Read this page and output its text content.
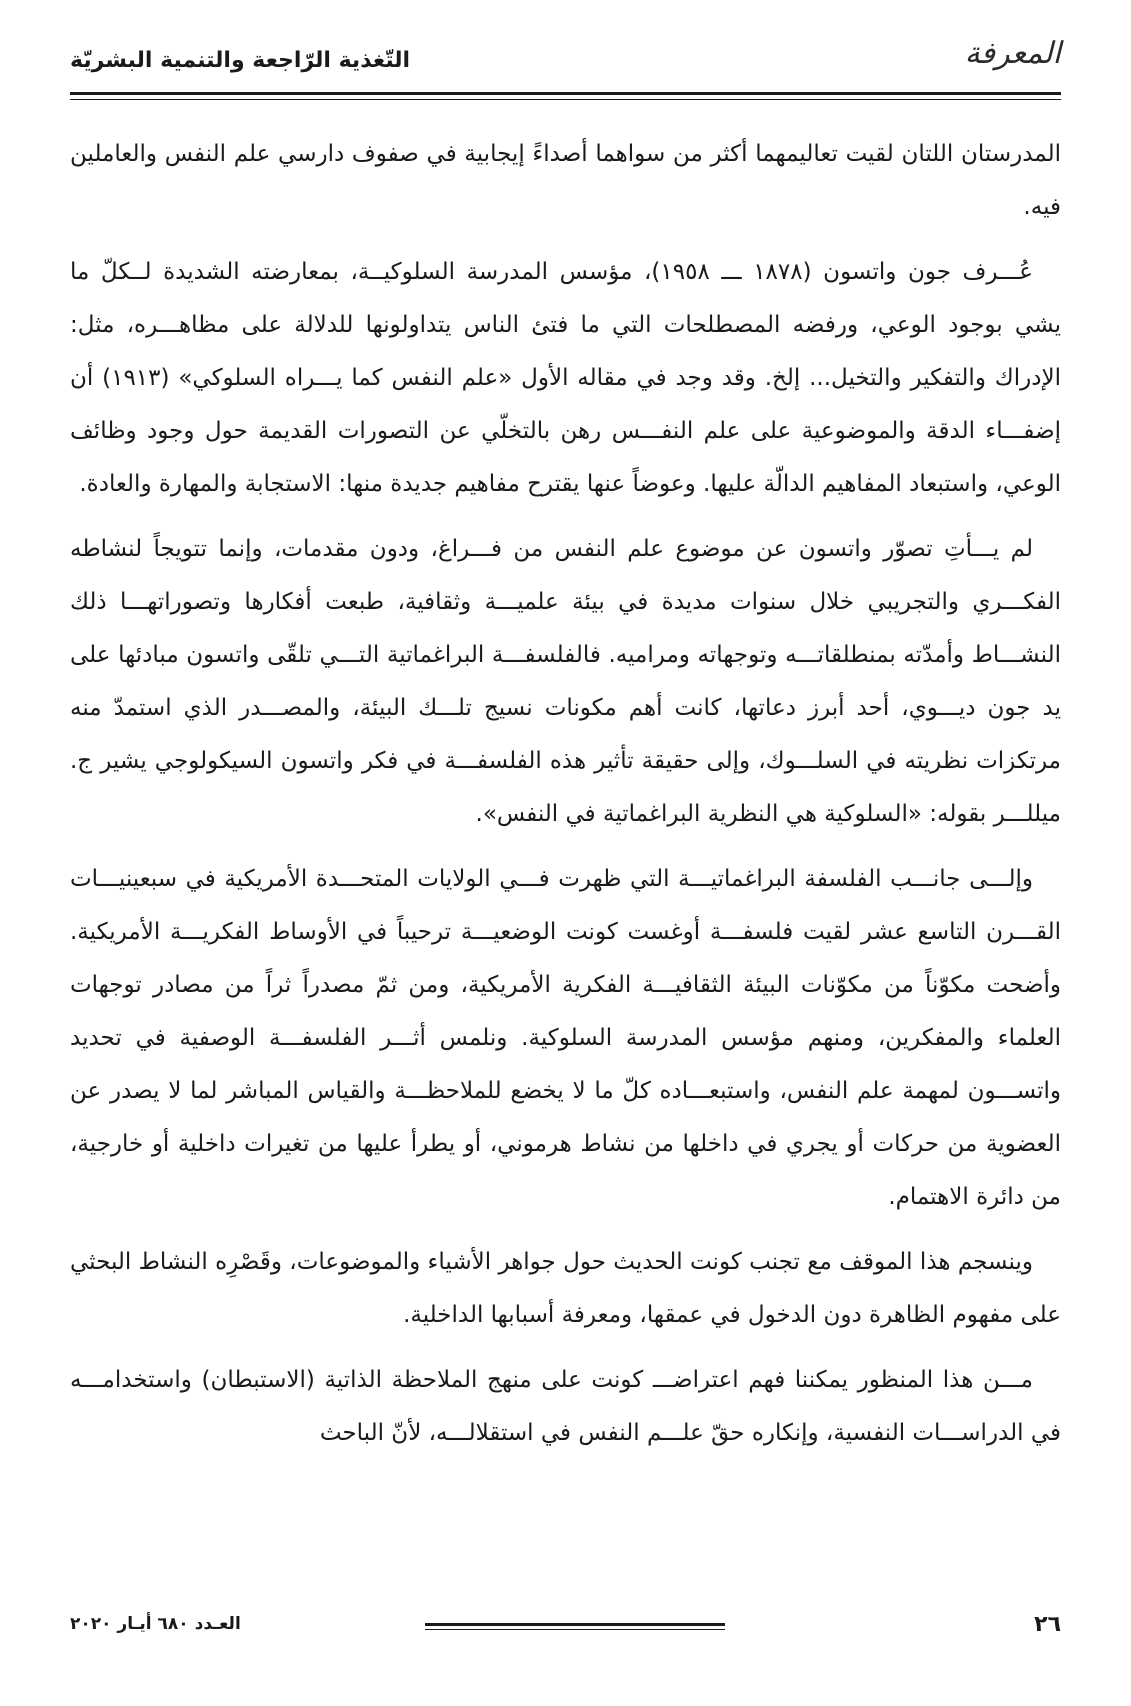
المعرفة
التّغذية الرّاجعة والتنمية البشريّة

المدرستان اللتان لقيت تعاليمهما أكثر من سواهما أصداءً إيجابية في صفوف دارسي علم النفس والعاملين فيه.

عُـــرف جون واتسون (١٨٧٨ ـــ ١٩٥٨)، مؤسس المدرسة السلوكيــة، بمعارضته الشديدة لــكلّ ما يشي بوجود الوعي، ورفضه المصطلحات التي ما فتئ الناس يتداولونها للدلالة على مظاهـــره، مثل: الإدراك والتفكير والتخيل... إلخ. وقد وجد في مقاله الأول «علم النفس كما يـــراه السلوكي» (١٩١٣) أن إضفـــاء الدقة والموضوعية على علم النفـــس رهن بالتخلّي عن التصورات القديمة حول وجود وظائف الوعي، واستبعاد المفاهيم الدالّة عليها. وعوضاً عنها يقترح مفاهيم جديدة منها: الاستجابة والمهارة والعادة.

لم يـــأتِ تصوّر واتسون عن موضوع علم النفس من فـــراغ، ودون مقدمات، وإنما تتويجاً لنشاطه الفكـــري والتجريبي خلال سنوات مديدة في بيئة علميـــة وثقافية، طبعت أفكارها وتصوراتهـــا ذلك النشـــاط وأمدّته بمنطلقاتـــه وتوجهاته ومراميه. فالفلسفـــة البراغماتية التـــي تلقّى واتسون مبادئها على يد جون ديـــوي، أحد أبرز دعاتها، كانت أهم مكونات نسيج تلـــك البيئة، والمصـــدر الذي استمدّ منه مرتكزات نظريته في السلـــوك، وإلى حقيقة تأثير هذه الفلسفـــة في فكر واتسون السيكولوجي يشير ج. ميللـــر بقوله: «السلوكية هي النظرية البراغماتية في النفس».

وإلـــى جانـــب الفلسفة البراغماتيـــة التي ظهرت فـــي الولايات المتحـــدة الأمريكية في سبعينيـــات القـــرن التاسع عشر لقيت فلسفـــة أوغست كونت الوضعيـــة ترحيباً في الأوساط الفكريـــة الأمريكية. وأضحت مكوّناً من مكوّنات البيئة الثقافيـــة الفكرية الأمريكية، ومن ثمّ مصدراً ثراً من مصادر توجهات العلماء والمفكرين، ومنهم مؤسس المدرسة السلوكية. ونلمس أثـــر الفلسفـــة الوصفية في تحديد واتســـون لمهمة علم النفس، واستبعـــاده كلّ ما لا يخضع للملاحظـــة والقياس المباشر لما لا يصدر عن العضوية من حركات أو يجري في داخلها من نشاط هرموني، أو يطرأ عليها من تغيرات داخلية أو خارجية، من دائرة الاهتمام.

وينسجم هذا الموقف مع تجنب كونت الحديث حول جواهر الأشياء والموضوعات، وقَصْرِه النشاط البحثي على مفهوم الظاهرة دون الدخول في عمقها، ومعرفة أسبابها الداخلية.

مـــن هذا المنظور يمكننا فهم اعتراضـــ كونت على منهج الملاحظة الذاتية (الاستبطان) واستخدامـــه في الدراســـات النفسية، وإنكاره حقّ علـــم النفس في استقلالـــه، لأنّ الباحث

٢٦
العـدد ٦٨٠ أيـار ٢٠٢٠
